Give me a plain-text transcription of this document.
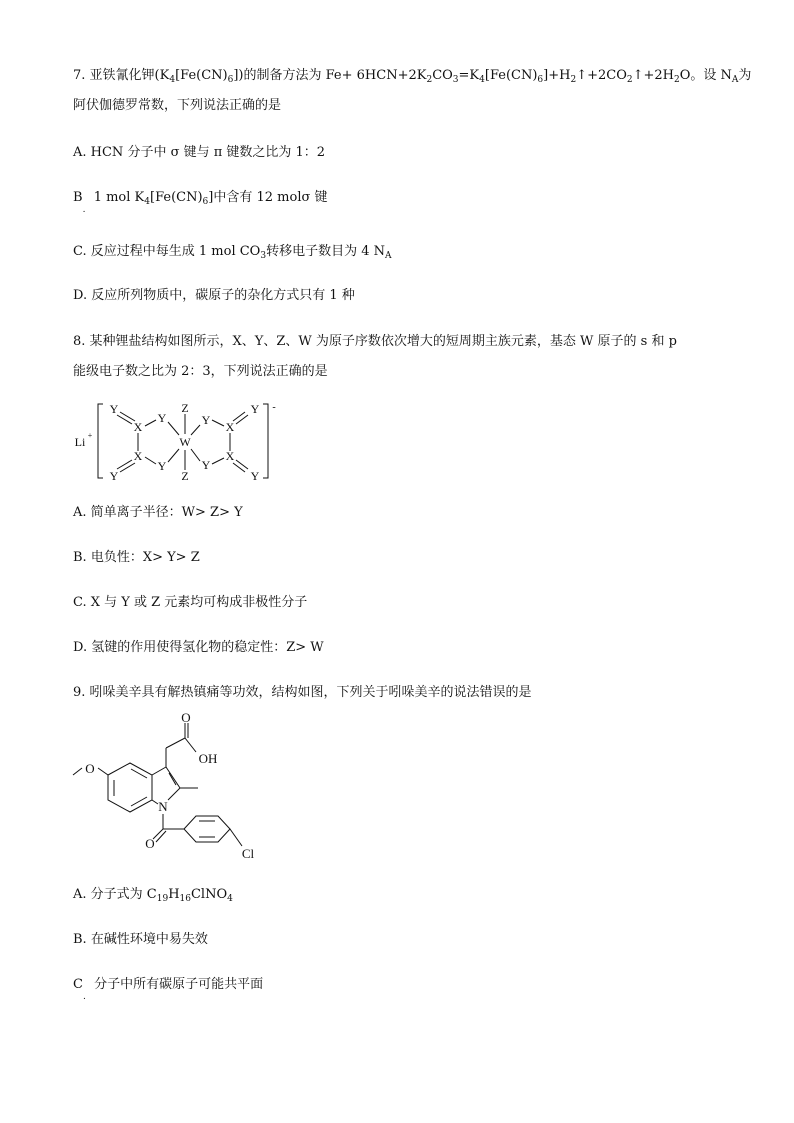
7. 亚铁氰化钾$(K_4[Fe(CN)_6])$的制备方法为 $Fe+ 6HCN+2K_2CO_3=K_4[Fe(CN)_6]+H_2↑+2CO_2↑+2H_2O$。设 $N_A$为
阿伏伽德罗常数，下列说法正确的是
A. HCN 分子中 σ 键与 π 键数之比为 1：2
$B_.$  1 mol $K_4[Fe(CN)_6]$中含有 12 molσ 键
C. 反应过程中每生成 1 mol $CO_3$转移电子数目为 4 $N_A$
D. 反应所列物质中，碳原子的杂化方式只有 1 种
8. 某种锂盐结构如图所示，X、Y、Z、W 为原子序数依次增大的短周期主族元素，基态 W 原子的 s 和 p
能级电子数之比为 2：3，下列说法正确的是
Li +
-
Y
Y
X
X
Y
Y
Z
W
Z
Y
Y
X
X
Y
Y
A. 简单离子半径：W> Z> Y
B. 电负性：X> Y> Z
C. X 与 Y 或 Z 元素均可构成非极性分子
D. 氢键的作用使得氢化物的稳定性：Z> W
9. 吲哚美辛具有解热镇痛等功效，结构如图，下列关于吲哚美辛的说法错误的是
O
O
OH
N
O
Cl
A. 分子式为 $C_{19}H_{16}ClNO_4$
B. 在碱性环境中易失效
$C_.$  分子中所有碳原子可能共平面
